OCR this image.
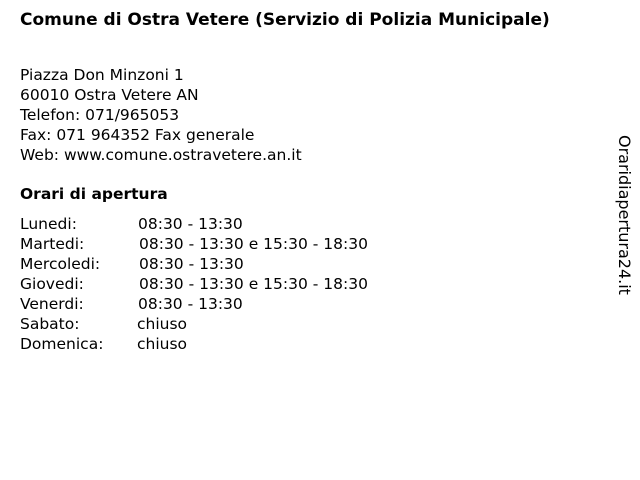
Comune di Ostra Vetere (Servizio di Polizia Municipale)
Piazza Don Minzoni 1
60010 Ostra Vetere AN
Telefon: 071/965053
Fax: 071 964352 Fax generale
Web: www.comune.ostravetere.an.it
Orari di apertura
Lunedi:	08:30 - 13:30
Martedi:	08:30 - 13:30 e 15:30 - 18:30
Mercoledi:	08:30 - 13:30
Giovedi:	08:30 - 13:30 e 15:30 - 18:30
Venerdi:	08:30 - 13:30
Sabato:	chiuso
Domenica: chiuso
Oraridiapertura24.it
